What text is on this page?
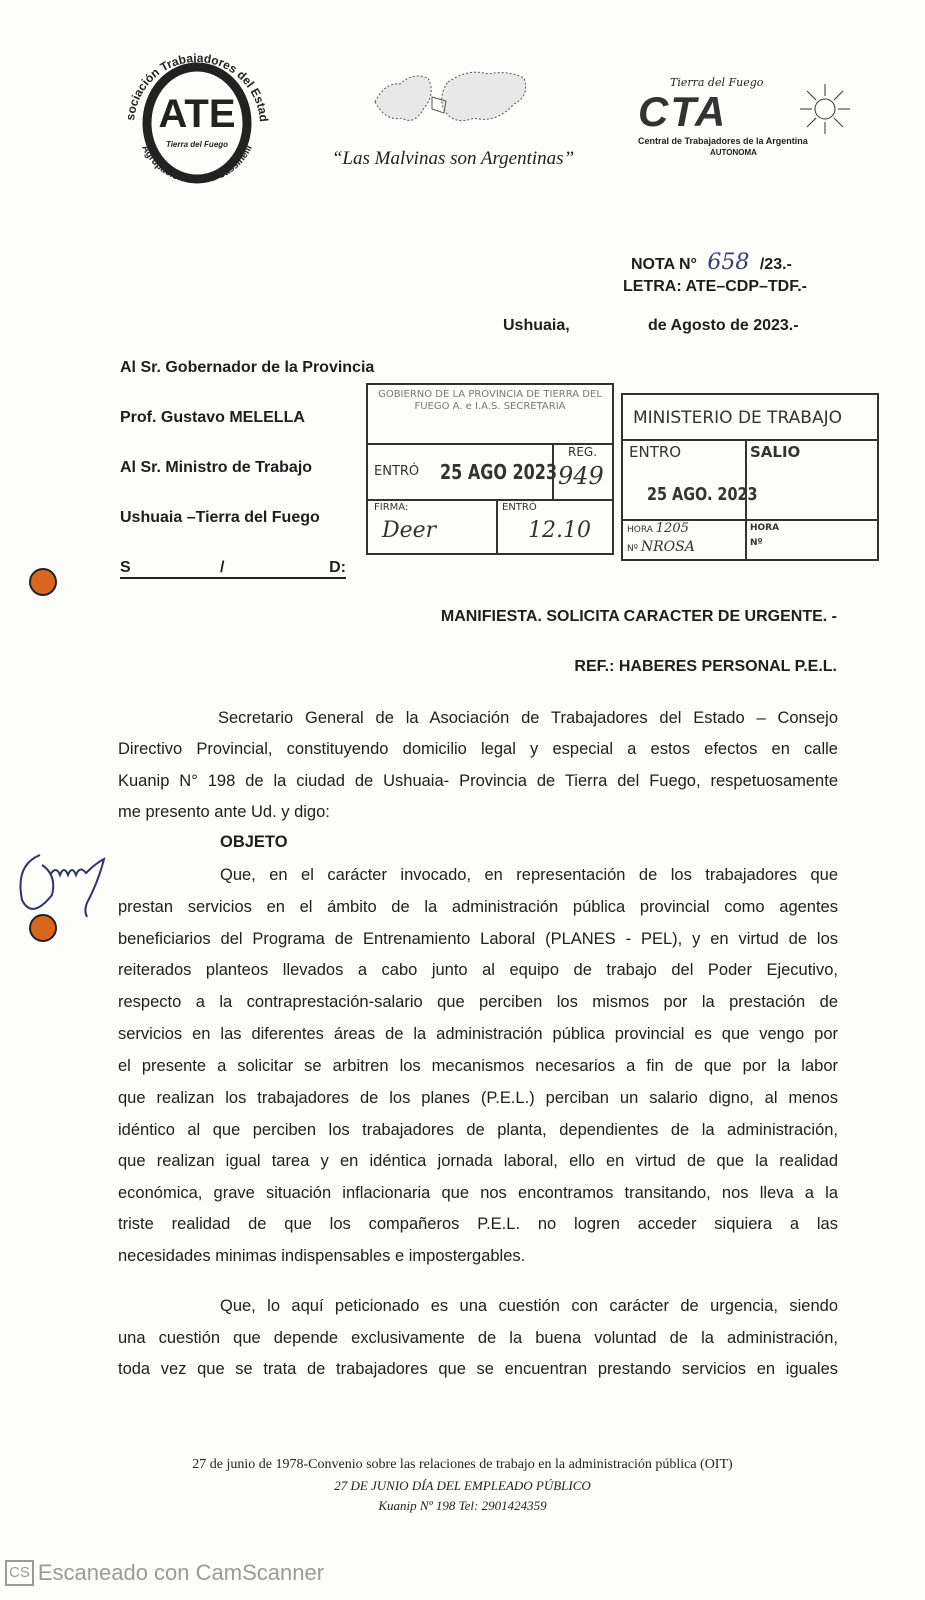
sociación Trabajadores del Estad
Agrupación Carlos Cassinelli
ATE
Tierra del Fuego
“Las Malvinas son Argentinas”
Tierra del Fuego
CTA
Central de Trabajadores de la Argentina
AUTONOMA
NOTA N° 658 /23.-
LETRA: ATE–CDP–TDF.-
Ushuaia,	de Agosto de 2023.-
Al Sr. Gobernador de la Provincia
Prof. Gustavo MELELLA
Al Sr. Ministro de Trabajo
Ushuaia –Tierra del Fuego
S	/	D:
GOBIERNO DE LA PROVINCIA DE TIERRA DEL FUEGO A. e I.A.S. SECRETARIA
ENTRÓ 25 AGO 2023
REG.
949
FIRMA:
Deer
ENTRÓ
12.10
MINISTERIO DE TRABAJO
ENTRO	SALIO
25 AGO. 2023
HORA 1205
Nº NROSA
HORA
Nº
MANIFIESTA. SOLICITA CARACTER DE URGENTE. -
REF.: HABERES PERSONAL P.E.L.
Secretario General de la Asociación de Trabajadores del Estado – Consejo
Directivo Provincial, constituyendo domicilio legal y especial a estos efectos en calle
Kuanip N° 198 de la ciudad de Ushuaia- Provincia de Tierra del Fuego, respetuosamente
me presento ante Ud. y digo:
OBJETO
Que, en el carácter invocado, en representación de los trabajadores que
prestan servicios en el ámbito de la administración pública provincial como agentes
beneficiarios del Programa de Entrenamiento Laboral (PLANES - PEL), y en virtud de los
reiterados planteos llevados a cabo junto al equipo de trabajo del Poder Ejecutivo,
respecto a la contraprestación-salario que perciben los mismos por la prestación de
servicios en las diferentes áreas de la administración pública provincial es que vengo por
el presente a solicitar se arbitren los mecanismos necesarios a fin de que por la labor
que realizan los trabajadores de los planes (P.E.L.) perciban un salario digno, al menos
idéntico al que perciben los trabajadores de planta, dependientes de la administración,
que realizan igual tarea y en idéntica jornada laboral, ello en virtud de que la realidad
económica, grave situación inflacionaria que nos encontramos transitando, nos lleva a la
triste realidad de que los compañeros P.E.L. no logren acceder siquiera a las
necesidades minimas indispensables e impostergables.
Que, lo aquí peticionado es una cuestión con carácter de urgencia, siendo
una cuestión que depende exclusivamente de la buena voluntad de la administración,
toda vez que se trata de trabajadores que se encuentran prestando servicios en iguales
27 de junio de 1978-Convenio sobre las relaciones de trabajo en la administración pública (OIT)
27 DE JUNIO DÍA DEL EMPLEADO PÚBLICO
Kuanip Nº 198 Tel: 2901424359
CS Escaneado con CamScanner
